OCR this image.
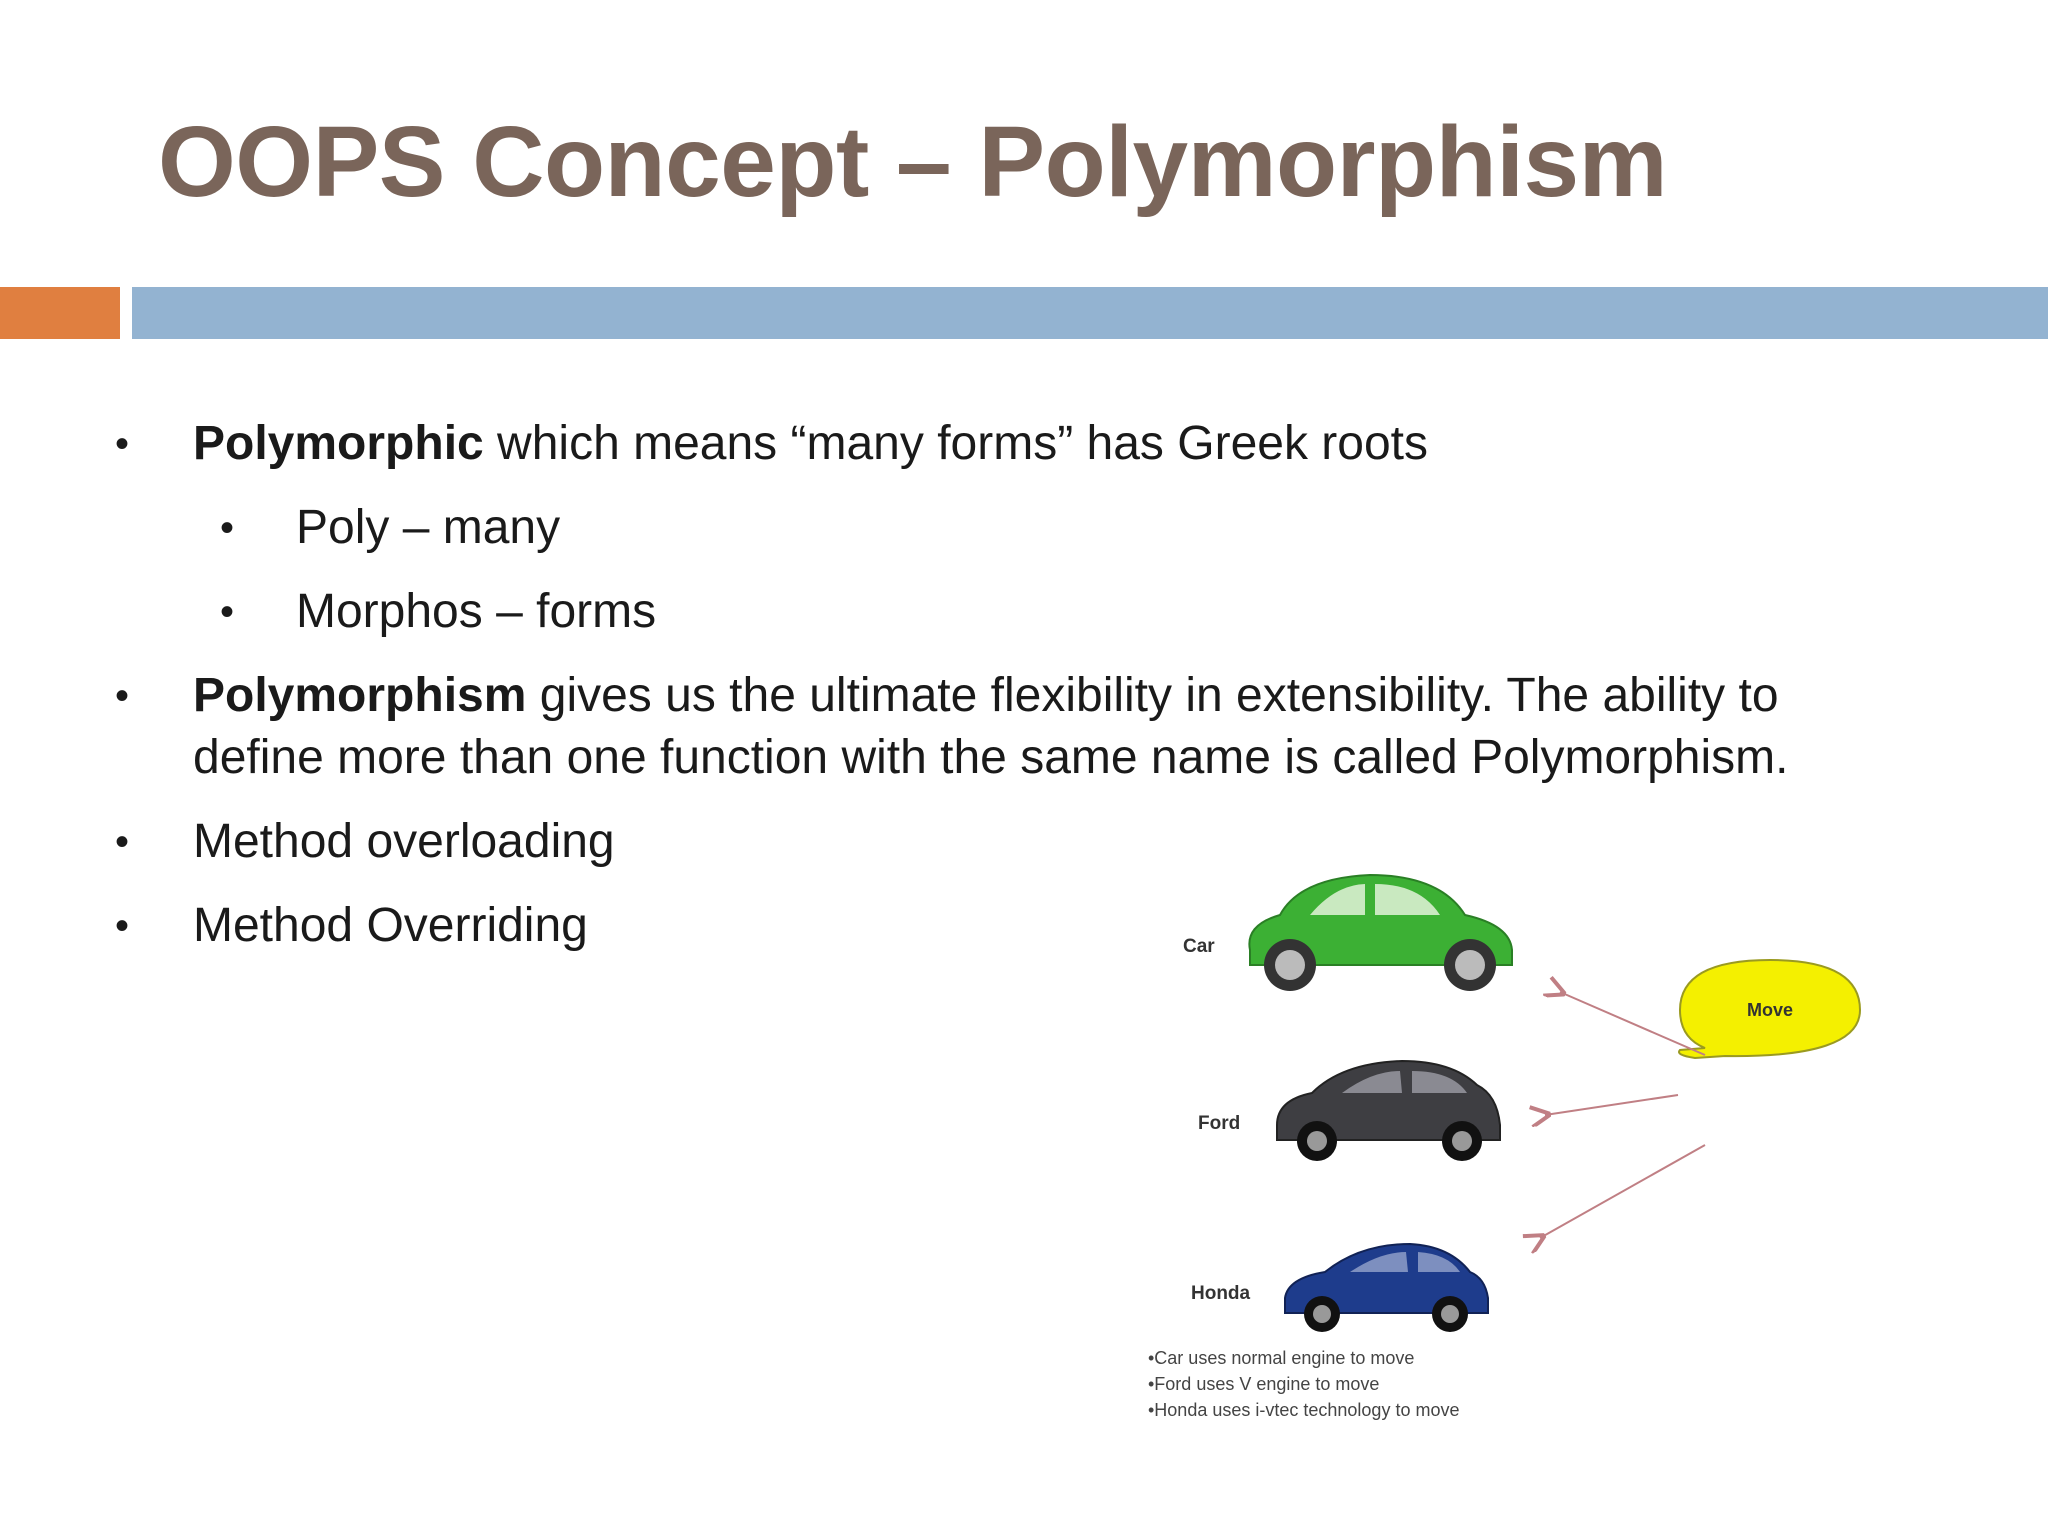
OOPS Concept – Polymorphism
• Polymorphic which means “many forms” has Greek roots
• Poly – many
• Morphos – forms
• Polymorphism gives us the ultimate flexibility in extensibility. The ability to
define more than one function with the same name is called Polymorphism.
• Method overloading
• Method Overriding
Move
Car
Ford
Honda
•Car uses normal engine to move
•Ford uses V engine to move
•Honda uses i-vtec technology to move
